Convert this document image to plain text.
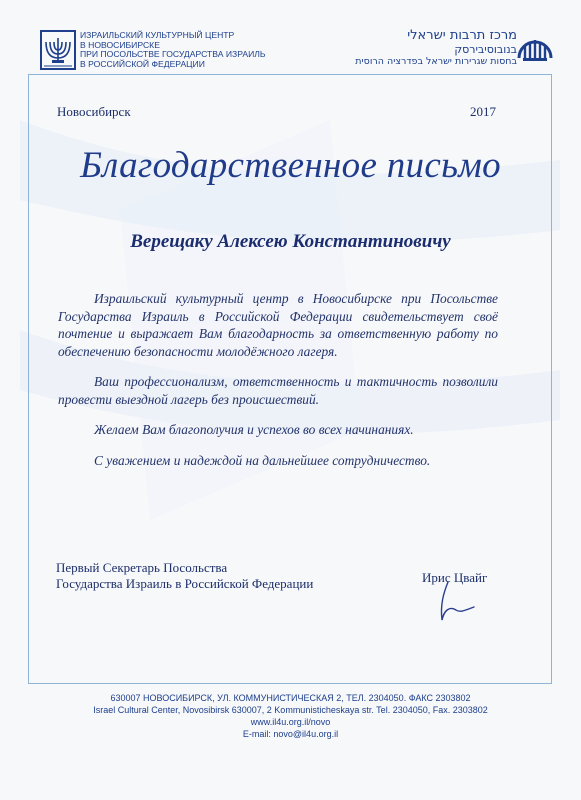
ИЗРАИЛЬСКИЙ КУЛЬТУРНЫЙ ЦЕНТР
В НОВОСИБИРСКЕ
ПРИ ПОСОЛЬСТВЕ ГОСУДАРСТВА ИЗРАИЛЬ
В РОССИЙСКОЙ ФЕДЕРАЦИИ
מרכז תרבות ישראלי
בנובוסיבירסק
בחסות שגרירות ישראל בפדרציה הרוסית
Новосибирск	2017
Благодарственное письмо
Верещаку Алексею Константиновичу

Израильский культурный центр в Новосибирске при Посольстве Государства Израиль в Российской Федерации свидетельствует своё почтение и выражает Вам благодарность за ответственную работу по обеспечению безопасности молодёжного лагеря.

Ваш профессионализм, ответственность и тактичность позволили провести выездной лагерь без происшествий.

Желаем Вам благополучия и успехов во всех начинаниях.

С уважением и надеждой на дальнейшее сотрудничество.

Первый Секретарь Посольства
Государства Израиль в Российской Федерации	Ирис Цвайг
630007 НОВОСИБИРСК, УЛ. КОММУНИСТИЧЕСКАЯ 2, ТЕЛ. 2304050. ФАКС 2303802
Israel Cultural Center, Novosibirsk 630007, 2 Kommunisticheskaya str. Tel. 2304050, Fax. 2303802
www.il4u.org.il/novo
E-mail: novo@il4u.org.il
